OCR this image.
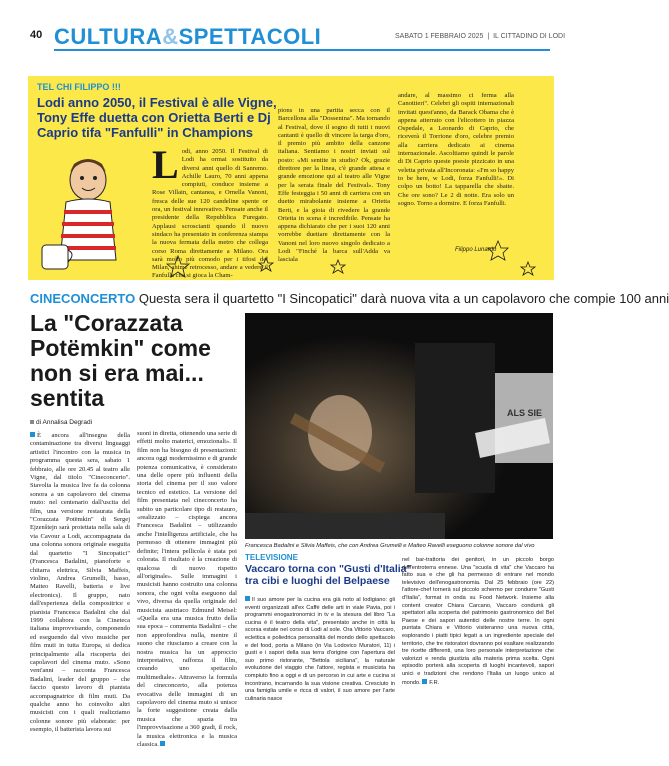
40 CULTURA&SPETTACOLI	SABATO 1 FEBBRAIO 2025  |  IL CITTADINO DI LODI
TEL CHI FILIPPO !!!
Lodi anno 2050, il Festival è alle Vigne, Tony Effe duetta con Orietta Berti e Dj Caprio tifa "Fanfulli" in Champions
Lodi, anno 2050. Il Festival di Lodi ha ormai sostituito da diversi anni quello di Sanremo. Achille Lauro, 70 anni appena compiuti, conduce insieme a Rose Villain, cantanea, e Ornella Vanoni, fresca delle sue 120 candeline spente or ora, un festival innovativo. Pensate anche il presidente della Repubblica Furegato. Applausi scroscianti quando il nuovo sindaco ha presentato in conferenza stampa la nuova fermata della metro che collega corso Roma direttamente a Milano. Ora sarà molto più comodo per i tifosi del Milan, ahimè retrocesso, andare a vedere il Fanfulla che si gioca la Cham-
pions in una partita secca con il Barcellona alla "Dossenina". Ma tornando al Festival, dove il sogno di tutti i nuovi cantanti è quello di vincere la targa d'oro, il premio più ambito della canzone italiana. Sentiamo i nostri inviati sul posto: «Mi sentite in studio? Ok, grazie direttore per la linea, c'è grande attesa e grande emozione qui al teatro alle Vigne per la serata finale del Festival». Tony Effe festeggia i 50 anni di carriera con un duetto mirabolante insieme a Orietta Berti, e la gioia di rivedere la grande Orietta in scena è incredibile. Pensate ha appena dichiarato che per i suoi 120 anni vorrebbe duettare direttamente con la Vanoni nel loro nuovo singolo dedicato a Lodi "Finché la barca sull'Adda va lasciala
andare, al massimo ci ferma alla Canottieri". Celebri gli ospiti internazionali invitati quest'anno, da Barack Obama che è appena atterrato con l'elicottero in piazza Ospedale, a Leonardo di Caprio, che riceverà il Torrione d'oro, celebre premio alla carriera dedicato ai cinema internazionale. Ascoltiamo quindi le parole di Di Caprio queste poesie pizzicato in una veletta privata all'Incoronata: «I'm so happy to be here, w Lodi, forza Fanfulli!». Di colpo un botto! La tapparella che sbatte. Che ore sono? Le 2 di notte. Era solo un sogno. Torno a dormire. E forza Fanfulli.
Filippo Lunardo
CINECONCERTO Questa sera il quartetto "I Sincopatici" darà nuova vita a un capolavoro che compie 100 anni
La "Corazzata Potëmkin" come non si era mai... sentita
di Annalisa Degradi
È ancora all'insegna della contaminazione tra diversi linguaggi artistici l'incontro con la musica in programma questa sera, sabato 1 febbraio, alle ore 20.45 al teatro alle Vigne, dal titolo "Cineconcerto". Stavolta la musica live fa da colonna sonora a un capolavoro del cinema muto: nel centenario dall'uscita del film, una versione restaurata della "Corazzata Potëmkin" di Sergej Ejzenštejn sarà proiettata nella sala di via Cavour a Lodi, accompagnata da una colonna sonora originale eseguita dal quartetto "I Sincopatici" (Francesca Badalini, pianoforte e chitarra elettrica, Silvia Maffeis, violino, Andrea Grumelli, basso, Matteo Ravelli, batteria e live electronics). Il gruppo, nato dall'esperienza della compositrice e pianista Francesca Badalini che dal 1999 collabora con la Cineteca italiana improvvisando, componendo ed eseguendo dal vivo musiche per film muti in tutta Europa, si dedica principalmente alla riscoperta dei capolavori del cinema muto. «Sono vent'anni – racconta Francesca Badalini, leader del gruppo – che faccio questo lavoro di pianista accompagnatrice di film muti. Da qualche anno ho coinvolto altri musicisti con i quali realizziamo colonne sonore più elaborate: per esempio, il batterista lavora sui
suoni in diretta, ottenendo una serie di effetti molto materici, emozionali». Il film non ha bisogno di presentazioni: ancora oggi modernissimo e di grande potenza comunicativa, è considerato una delle opere più influenti della storia del cinema per il suo valore tecnico ed estetico. La versione del film presentata nel cineconcerto ha subito un particolare tipo di restauro, «realizzato – cispiega ancora Francesca Badalini – utilizzando anche l'intelligenza artificiale, che ha permesso di ottenere immagini più definite; l'intera pellicola è stata poi colorata. Il risultato è la creazione di qualcosa di nuovo rispetto all'originale». Sulle immagini i musicisti hanno costruito una colonna sonora, che ogni volta eseguono dal vivo, diversa da quella originale del musicista austriaco Edmund Meisel: «Quella era una musica frutto della sua epoca – commenta Badalini – che non approfondiva nulla, mentre il suono che riusciamo a creare con la nostra musica ha un approccio interpretativo, rafforza il film, creando uno spettacolo multimediale». Attraverso la formula del cineconcerto, alla potenza evocativa delle immagini di un capolavoro del cinema muto si unisce la forte suggestione creata dalla musica che spazia tra l'improvvisazione a 360 gradi, il rock, la musica elettronica e la musica classica.
ALS SIE
Francesca Badalini e Silvia Maffeis, che con Andrea Grumelli e Matteo Ravelli eseguono colonne sonore dal vivo
TELEVISIONE
Vaccaro torna con "Gusti d'Italia" tra cibi e luoghi del Belpaese
Il suo amore per la cucina era già noto al lodigiano: gli eventi organizzati all'ex Caffè delle arti in viale Pavia, poi i programmi enogastronomici in tv e la stesura del libro "La cucina è il teatro della vita", presentato anche in città la scorsa estate nel corso di Lodi al sole. Ora Vittorio Vaccaro, eclettica e poliedrica personalità del mondo dello spettacolo e del food, porta a Milano (in Via Lodovico Muratori, 11) i gusti e i sapori della sua terra d'origine con l'apertura del suo primo ristorante, "Bettola siciliana", la naturale evoluzione del viaggio che l'attore, regista e musicista ha compiuto fino a oggi e di un percorso in cui arte e cucina si incontrano, incarnando la sua visione creativa. Cresciuto in una famiglia umile e ricca di valori, il suo amore per l'arte culinaria nasce
nel bar-trattoria dei genitori, in un piccolo borgo dell'entroterra ennese. Una "scuola di vita" che Vaccaro ha fatto sua e che gli ha permesso di entrare nel mondo televisivo dell'enogastronomia. Dal 25 febbraio (ore 22) l'attore-chef tornerà sul piccolo schermo per condurre "Gusti d'Italia", format in onda su Food Network. Insieme alla content creator Chiara Carcano, Vaccaro condurrà gli spettatori alla scoperta del patrimonio gastronomico del Bel Paese e dei sapori autentici delle nostre terre. In ogni puntata Chiara e Vittorio visiteranno una nuova città, esplorando i piatti tipici legati a un ingrediente speciale del territorio, che tre ristoratori dovranno poi esaltare realizzando tre ricette differenti, una loro personale interpretazione che valorizzi e renda giustizia alla materia prima scelta. Ogni episodio porterà alla scoperta di luoghi incantevoli, sapori unici e tradizioni che rendono l'Italia un luogo unico al mondo. F.R.
